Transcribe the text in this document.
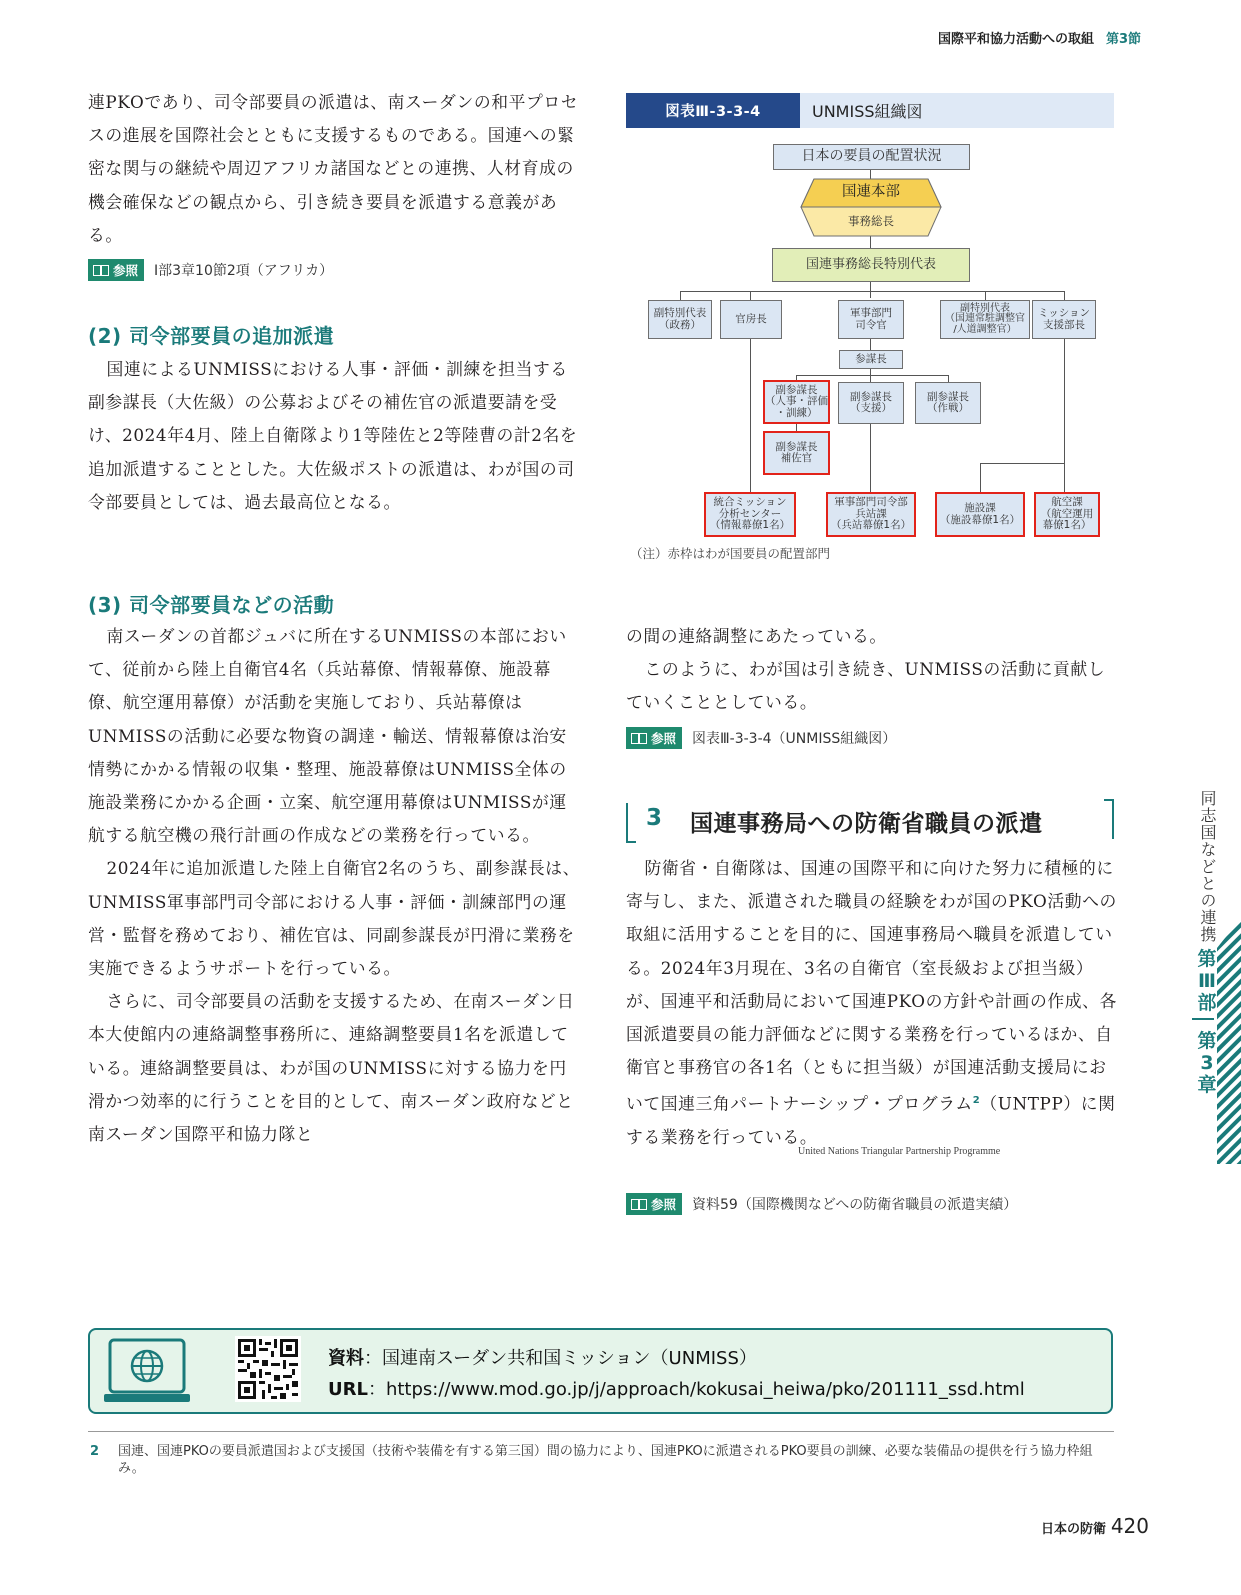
国際平和協力活動への取組 第3節

連PKOであり、司令部要員の派遣は、南スーダンの和平プロセスの進展を国際社会とともに支援するものである。国連への緊密な関与の継続や周辺アフリカ諸国などとの連携、人材育成の機会確保などの観点から、引き続き要員を派遣する意義がある。

参照 Ⅰ部3章10節2項（アフリカ）
(2) 司令部要員の追加派遣

国連によるUNMISSにおける人事・評価・訓練を担当する副参謀長（大佐級）の公募およびその補佐官の派遣要請を受け、2024年4月、陸上自衛隊より1等陸佐と2等陸曹の計2名を追加派遣することとした。大佐級ポストの派遣は、わが国の司令部要員としては、過去最高位となる。

(3) 司令部要員などの活動

南スーダンの首都ジュバに所在するUNMISSの本部において、従前から陸上自衛官4名（兵站幕僚、情報幕僚、施設幕僚、航空運用幕僚）が活動を実施しており、兵站幕僚はUNMISSの活動に必要な物資の調達・輸送、情報幕僚は治安情勢にかかる情報の収集・整理、施設幕僚はUNMISS全体の施設業務にかかる企画・立案、航空運用幕僚はUNMISSが運航する航空機の飛行計画の作成などの業務を行っている。

2024年に追加派遣した陸上自衛官2名のうち、副参謀長は、UNMISS軍事部門司令部における人事・評価・訓練部門の運営・監督を務めており、補佐官は、同副参謀長が円滑に業務を実施できるようサポートを行っている。

さらに、司令部要員の活動を支援するため、在南スーダン日本大使館内の連絡調整事務所に、連絡調整要員1名を派遣している。連絡調整要員は、わが国のUNMISSに対する協力を円滑かつ効率的に行うことを目的として、南スーダン政府などと南スーダン国際平和協力隊と

図表Ⅲ-3-3-4	UNMISS組織図
日本の要員の配置状況
国連本部
事務総長
国連事務総長特別代表
副特別代表
（政務）	官房長	軍事部門
司令官
副特別代表
（国連常駐調整官
/人道調整官）
ミッション
支援部長
参謀長
副参謀長
（人事・評価
・訓練）
副参謀長
（支援）
副参謀長
（作戦）
副参謀長
補佐官
統合ミッション
分析センター
（情報幕僚1名）
軍事部門司令部
兵站課
（兵站幕僚1名）
施設課
（施設幕僚1名）
航空課
（航空運用
幕僚1名）
（注）赤枠はわが国要員の配置部門

の間の連絡調整にあたっている。

このように、わが国は引き続き、UNMISSの活動に貢献していくこととしている。

参照 図表Ⅲ-3-3-4（UNMISS組織図）
3 国連事務局への防衛省職員の派遣

防衛省・自衛隊は、国連の国際平和に向けた努力に積極的に寄与し、また、派遣された職員の経験をわが国のPKO活動への取組に活用することを目的に、国連事務局へ職員を派遣している。2024年3月現在、3名の自衛官（室長級および担当級）が、国連平和活動局において国連PKOの方針や計画の作成、各国派遣要員の能力評価などに関する業務を行っているほか、自衛官と事務官の各1名（ともに担当級）が国連活動支援局において国連三角パートナーシップ・プログラム$^2$（UNTPP）に関する業務を行っている。

United Nations Triangular Partnership Programme
参照 資料59（国際機関などへの防衛省職員の派遣実績）
同志国などとの連携
第
Ⅲ
部
第
3
章
資料：国連南スーダン共和国ミッション（UNMISS）
URL：https://www.mod.go.jp/j/approach/kokusai_heiwa/pko/201111_ssd.html
2 国連、国連PKOの要員派遣国および支援国（技術や装備を有する第三国）間の協力により、国連PKOに派遣されるPKO要員の訓練、必要な装備品の提供を行う協力枠組み。
日本の防衛 420
